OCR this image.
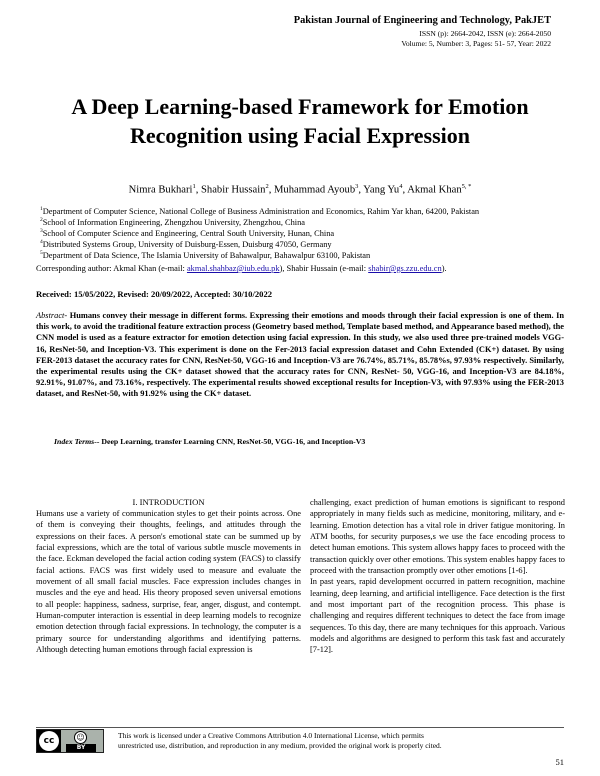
Pakistan Journal of Engineering and Technology, PakJET
ISSN (p): 2664-2042, ISSN (e): 2664-2050
Volume: 5, Number: 3, Pages: 51- 57, Year: 2022
A Deep Learning-based Framework for Emotion
Recognition using Facial Expression
Nimra Bukhari$^1$, Shabir Hussain$^2$, Muhammad Ayoub$^3$, Yang Yu$^4$, Akmal Khan$^{5, *}$
$^1$Department of Computer Science, National College of Business Administration and Economics, Rahim Yar khan, 64200, Pakistan
$^2$School of Information Engineering, Zhengzhou University, Zhengzhou, China
$^3$School of Computer Science and Engineering, Central South University, Hunan, China
$^4$Distributed Systems Group, University of Duisburg-Essen, Duisburg 47050, Germany
$^5$Department of Data Science, The Islamia University of Bahawalpur, Bahawalpur 63100, Pakistan
Corresponding author: Akmal Khan (e-mail: akmal.shahbaz@iub.edu.pk), Shabir Hussain (e-mail: shabir@gs.zzu.edu.cn).
Received: 15/05/2022, Revised: 20/09/2022, Accepted: 30/10/2022
Abstract- Humans convey their message in different forms. Expressing their emotions and moods through their facial expression is one of them. In this work, to avoid the traditional feature extraction process (Geometry based method, Template based method, and Appearance based method), the CNN model is used as a feature extractor for emotion detection using facial expression. In this study, we also used three pre-trained models VGG-16, ResNet-50, and Inception-V3. This experiment is done on the Fer-2013 facial expression dataset and Cohn Extended (CK+) dataset. By using FER-2013 dataset the accuracy rates for CNN, ResNet-50, VGG-16 and Inception-V3 are 76.74%, 85.71%, 85.78%s, 97.93% respectively. Similarly, the experimental results using the CK+ dataset showed that the accuracy rates for CNN, ResNet- 50, VGG-16, and Inception-V3 are 84.18%, 92.91%, 91.07%, and 73.16%, respectively. The experimental results showed exceptional results for Inception-V3, with 97.93% using the FER-2013 dataset, and ResNet-50, with 91.92% using the CK+ dataset.
Index Terms-- Deep Learning, transfer Learning CNN, ResNet-50, VGG-16, and Inception-V3
I. INTRODUCTION

Humans use a variety of communication styles to get their points across. One of them is conveying their thoughts, feelings, and attitudes through the expressions on their faces. A person's emotional state can be summed up by facial expressions, which are the total of various subtle muscle movements in the face. Eckman developed the facial action coding system (FACS) to classify facial actions. FACS was first widely used to measure and evaluate the movement of all small facial muscles. Face expression includes changes in muscles and the eye and head. His theory proposed seven universal emotions to all people: happiness, sadness, surprise, fear, anger, disgust, and contempt. Human-computer interaction is essential in deep learning models to recognize emotion detection through facial expressions. In technology, the computer is a primary source for understanding algorithms and identifying patterns. Although detecting human emotions through facial expression is

challenging, exact prediction of human emotions is significant to respond appropriately in many fields such as medicine, monitoring, military, and e-learning. Emotion detection has a vital role in driver fatigue monitoring. In ATM booths, for security purposes,s we use the face encoding process to detect human emotions. This system allows happy faces to proceed with the transaction quickly over other emotions. This system enables happy faces to proceed with the transaction promptly over other emotions [1-6].

In past years, rapid development occurred in pattern recognition, machine learning, deep learning, and artificial intelligence. Face detection is the first and most important part of the recognition process. This phase is challenging and requires different techniques to detect the face from image sequences. To this day, there are many techniques for this approach. Various models and algorithms are designed to perform this task fast and accurately [7-12].

cc	☺
BY
This work is licensed under a Creative Commons Attribution 4.0 International License, which permits
unrestricted use, distribution, and reproduction in any medium, provided the original work is properly cited.
51
